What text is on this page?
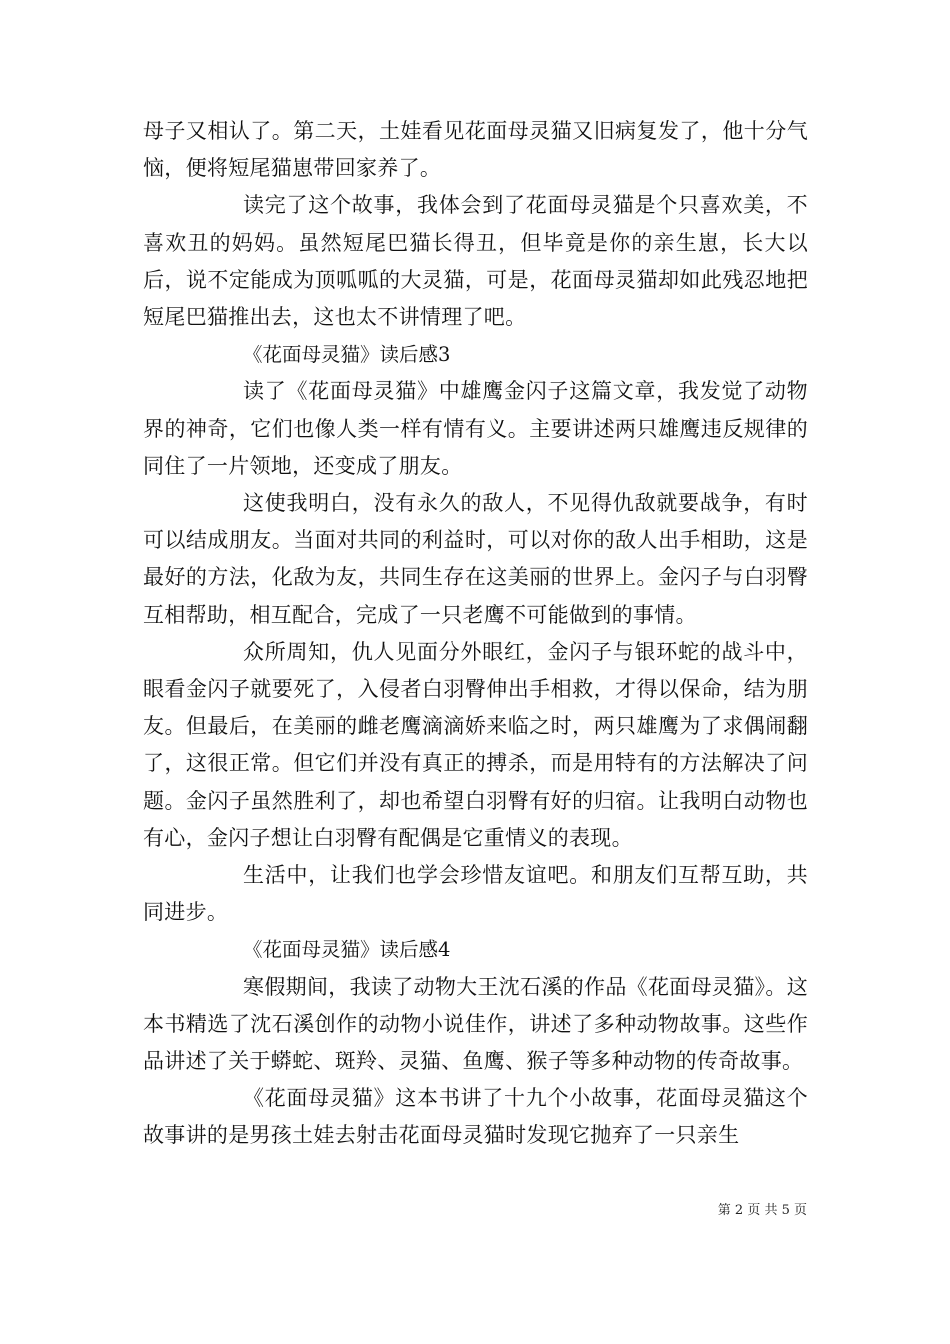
母子又相认了。第二天，土娃看见花面母灵猫又旧病复发了，他十分气恼，便将短尾猫崽带回家养了。

读完了这个故事，我体会到了花面母灵猫是个只喜欢美，不喜欢丑的妈妈。虽然短尾巴猫长得丑，但毕竟是你的亲生崽，长大以后，说不定能成为顶呱呱的大灵猫，可是，花面母灵猫却如此残忍地把短尾巴猫推出去，这也太不讲情理了吧。

《花面母灵猫》读后感3

读了《花面母灵猫》中雄鹰金闪子这篇文章，我发觉了动物界的神奇，它们也像人类一样有情有义。主要讲述两只雄鹰违反规律的同住了一片领地，还变成了朋友。

这使我明白，没有永久的敌人，不见得仇敌就要战争，有时可以结成朋友。当面对共同的利益时，可以对你的敌人出手相助，这是最好的方法，化敌为友，共同生存在这美丽的世界上。金闪子与白羽臀互相帮助，相互配合，完成了一只老鹰不可能做到的事情。

众所周知，仇人见面分外眼红，金闪子与银环蛇的战斗中，眼看金闪子就要死了，入侵者白羽臀伸出手相救，才得以保命，结为朋友。但最后，在美丽的雌老鹰滴滴娇来临之时，两只雄鹰为了求偶闹翻了，这很正常。但它们并没有真正的搏杀，而是用特有的方法解决了问题。金闪子虽然胜利了，却也希望白羽臀有好的归宿。让我明白动物也有心，金闪子想让白羽臀有配偶是它重情义的表现。

生活中，让我们也学会珍惜友谊吧。和朋友们互帮互助，共同进步。

《花面母灵猫》读后感4

寒假期间，我读了动物大王沈石溪的作品《花面母灵猫》。这本书精选了沈石溪创作的动物小说佳作，讲述了多种动物故事。这些作品讲述了关于蟒蛇、斑羚、灵猫、鱼鹰、猴子等多种动物的传奇故事。

《花面母灵猫》这本书讲了十九个小故事，花面母灵猫这个故事讲的是男孩土娃去射击花面母灵猫时发现它抛弃了一只亲生

第 2 页 共 5 页
